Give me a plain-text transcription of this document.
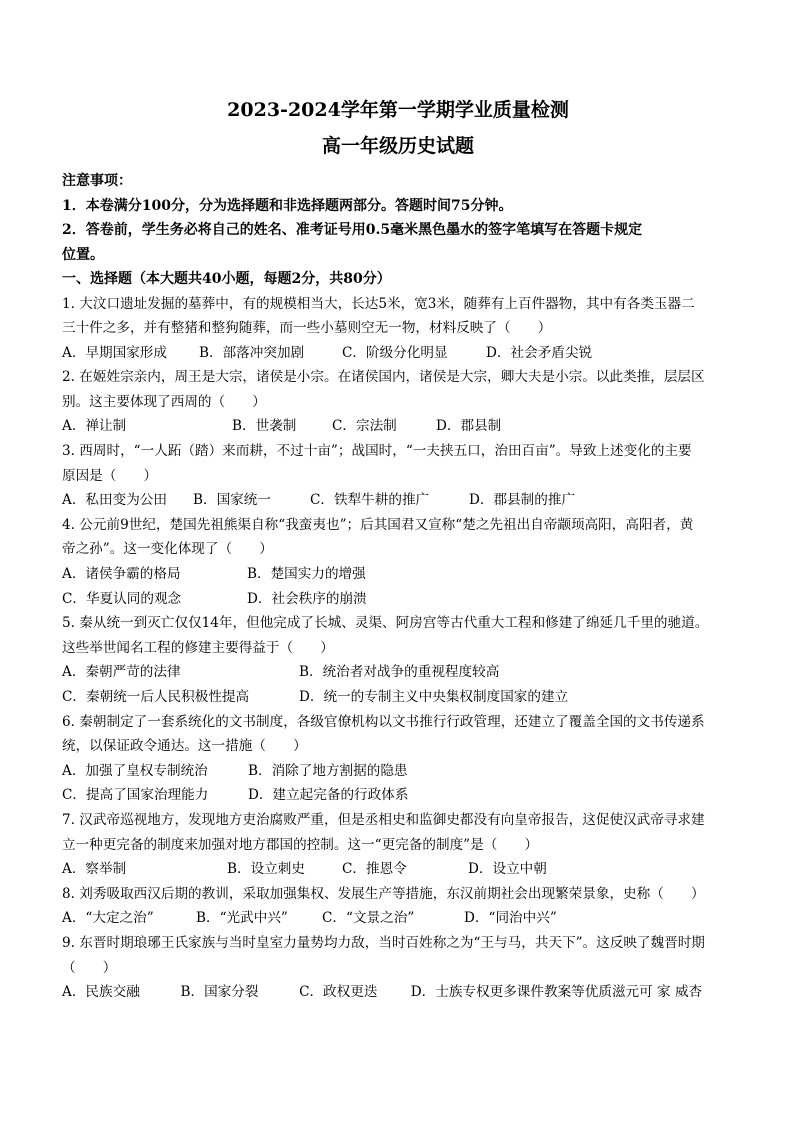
2023-2024学年第一学期学业质量检测
高一年级历史试题
注意事项：
1．本卷满分100分，分为选择题和非选择题两部分。答题时间75分钟。
2．答卷前，学生务必将自己的姓名、准考证号用0.5毫米黑色墨水的签字笔填写在答题卡规定
位置。
一、选择题（本大题共40小题，每题2分，共80分）

1. 大汶口遗址发掘的墓葬中，有的规模相当大，长达5米，宽3米，随葬有上百件器物，其中有各类玉器二

三十件之多，并有整猪和整狗随葬，而一些小墓则空无一物，材料反映了（　　）

A．早期国家形成	B．部落冲突加剧	C．阶级分化明显	D．社会矛盾尖锐

2. 在姬姓宗亲内，周王是大宗，诸侯是小宗。在诸侯国内，诸侯是大宗，卿大夫是小宗。以此类推，层层区

别。这主要体现了西周的（　　）

A．禅让制	B．世袭制	C．宗法制	D．郡县制

3. 西周时，“一人跖（踏）来而耕，不过十亩”；战国时，“一夫挟五口，治田百亩”。导致上述变化的主要

原因是（　　）

A．私田变为公田	B．国家统一	C．铁犁牛耕的推广	D．郡县制的推广

4. 公元前9世纪，楚国先祖熊渠自称“我蛮夷也”；后其国君又宣称“楚之先祖出自帝颛顼高阳，高阳者，黄

帝之孙”。这一变化体现了（　　）

A．诸侯争霸的格局	B．楚国实力的增强
C．华夏认同的观念	D．社会秩序的崩溃

5. 秦从统一到灭亡仅仅14年，但他完成了长城、灵渠、阿房宫等古代重大工程和修建了绵延几千里的驰道。

这些举世闻名工程的修建主要得益于（　　）

A．秦朝严苛的法律	B．统治者对战争的重视程度较高
C．秦朝统一后人民积极性提高	D．统一的专制主义中央集权制度国家的建立

6. 秦朝制定了一套系统化的文书制度，各级官僚机构以文书推行行政管理，还建立了覆盖全国的文书传递系

统，以保证政令通达。这一措施（　　）

A．加强了皇权专制统治	B．消除了地方割据的隐患
C．提高了国家治理能力	D．建立起完备的行政体系

7. 汉武帝巡视地方，发现地方吏治腐败严重，但是丞相史和监御史都没有向皇帝报告，这促使汉武帝寻求建

立一种更完备的制度来加强对地方郡国的控制。这一“更完备的制度”是（　　）

A．察举制	B．设立刺史	C．推恩令	D．设立中朝

8. 刘秀吸取西汉后期的教训，采取加强集权、发展生产等措施，东汉前期社会出现繁荣景象，史称（　　）

A．“大定之治”	B．“光武中兴”	C．“文景之治”	D．“同治中兴”

9. 东晋时期琅琊王氏家族与当时皇室力量势均力敌，当时百姓称之为“王与马，共天下”。这反映了魏晋时期

（　　）

A．民族交融	B．国家分裂	C．政权更迭	D．士族专权更多课件教案等优质滋元可 家 威杏
